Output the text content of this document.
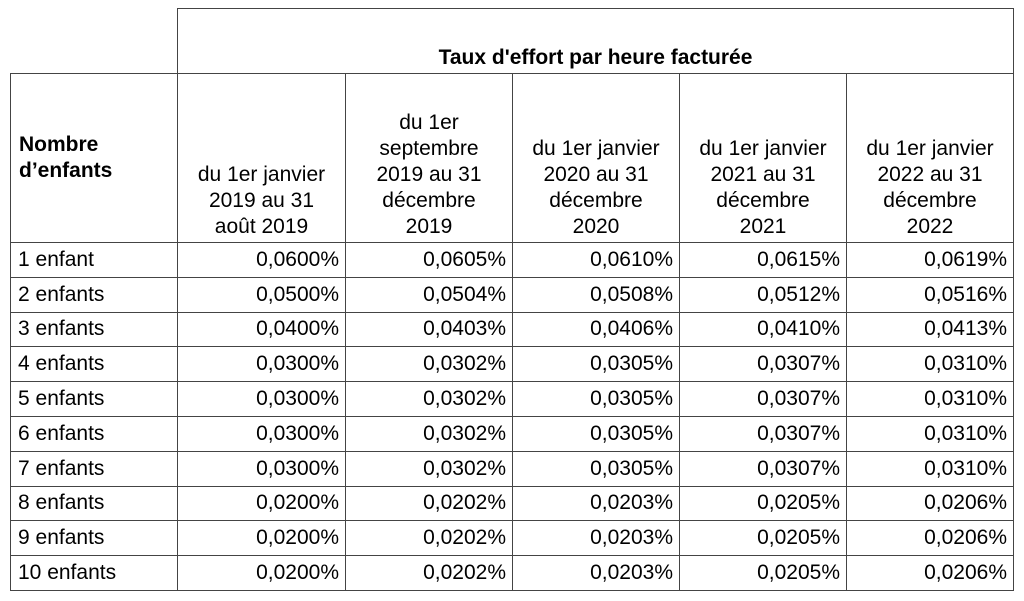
	Taux d'effort par heure facturée				

Nombre
d’enfants	du 1er janvier
2019 au 31
août 2019	du 1er
septembre
2019 au 31
décembre
2019	du 1er janvier
2020 au 31
décembre
2020	du 1er janvier
2021 au 31
décembre
2021	du 1er janvier
2022 au 31
décembre
2022

1 enfant	0,0600%	0,0605%	0,0610%	0,0615%	0,0619%
2 enfants	0,0500%	0,0504%	0,0508%	0,0512%	0,0516%
3 enfants	0,0400%	0,0403%	0,0406%	0,0410%	0,0413%
4 enfants	0,0300%	0,0302%	0,0305%	0,0307%	0,0310%
5 enfants	0,0300%	0,0302%	0,0305%	0,0307%	0,0310%
6 enfants	0,0300%	0,0302%	0,0305%	0,0307%	0,0310%
7 enfants	0,0300%	0,0302%	0,0305%	0,0307%	0,0310%
8 enfants	0,0200%	0,0202%	0,0203%	0,0205%	0,0206%
9 enfants	0,0200%	0,0202%	0,0203%	0,0205%	0,0206%
10 enfants	0,0200%	0,0202%	0,0203%	0,0205%	0,0206%
